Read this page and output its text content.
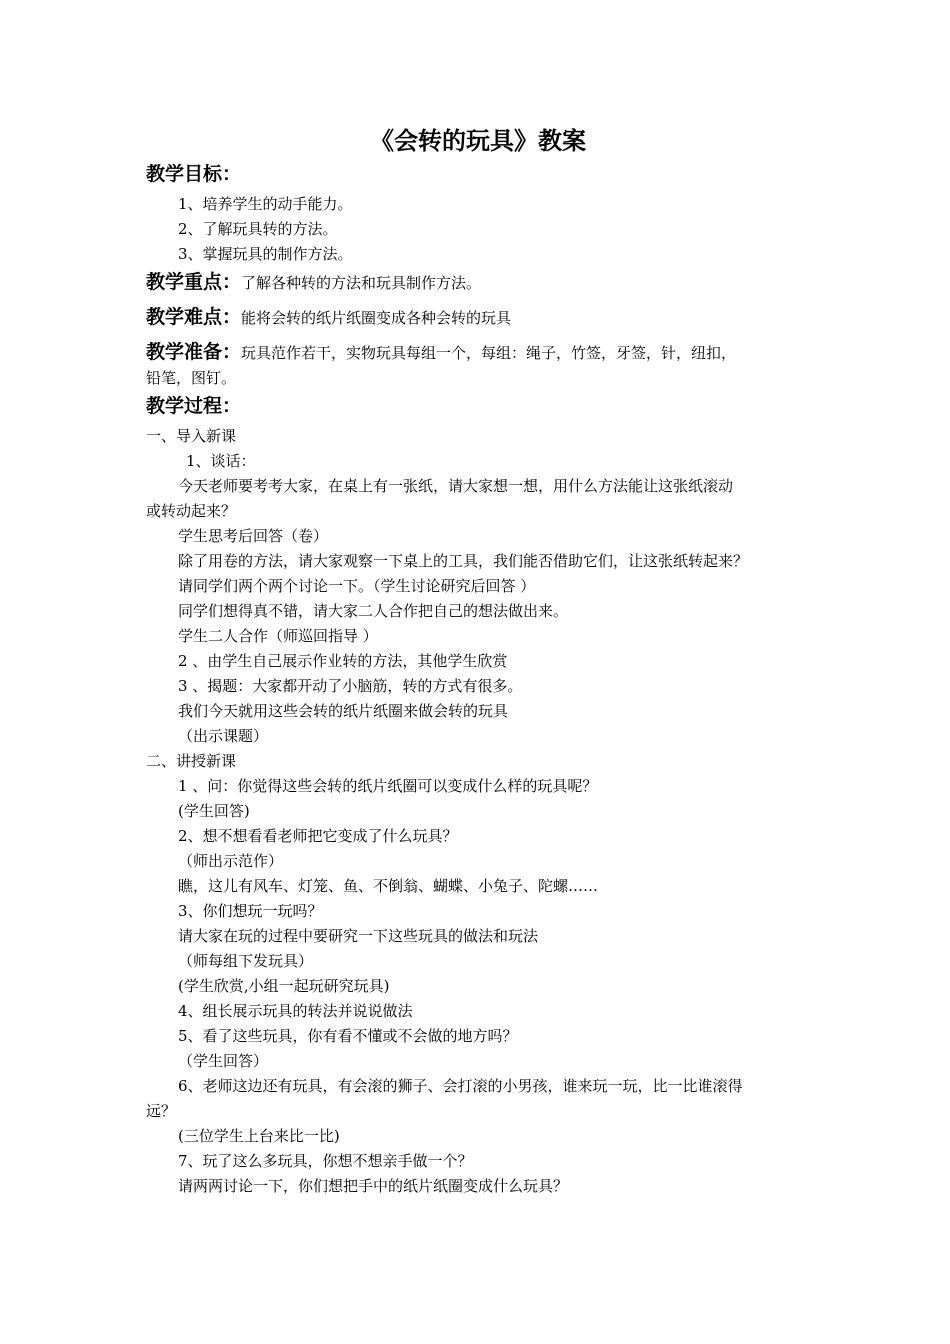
《会转的玩具》教案
教学目标：
1、培养学生的动手能力。
2、了解玩具转的方法。
3、掌握玩具的制作方法。
教学重点：了解各种转的方法和玩具制作方法。
教学难点：能将会转的纸片纸圈变成各种会转的玩具
教学准备：玩具范作若干，实物玩具每组一个，每组：绳子，竹签，牙签，针，纽扣，
铅笔，图钉。
教学过程：
一、导入新课
1、谈话：
今天老师要考考大家，在桌上有一张纸，请大家想一想，用什么方法能让这张纸滚动
或转动起来？
学生思考后回答（卷）
除了用卷的方法，请大家观察一下桌上的工具，我们能否借助它们，让这张纸转起来？
请同学们两个两个讨论一下。（学生讨论研究后回答 ）
同学们想得真不错，请大家二人合作把自己的想法做出来。
学生二人合作（师巡回指导 ）
2 、由学生自己展示作业转的方法，其他学生欣赏
3 、揭题：大家都开动了小脑筋，转的方式有很多。
我们今天就用这些会转的纸片纸圈来做会转的玩具
（出示课题）
二、讲授新课
1 、问：你觉得这些会转的纸片纸圈可以变成什么样的玩具呢？
(学生回答)
2、想不想看看老师把它变成了什么玩具？
（师出示范作）
瞧，这儿有风车、灯笼、鱼、不倒翁、蝴蝶、小兔子、陀螺……
3、你们想玩一玩吗？
请大家在玩的过程中要研究一下这些玩具的做法和玩法
（师每组下发玩具）
(学生欣赏,小组一起玩研究玩具)
4、组长展示玩具的转法并说说做法
5、看了这些玩具，你有看不懂或不会做的地方吗？
（学生回答）
6、老师这边还有玩具，有会滚的狮子、会打滚的小男孩，谁来玩一玩，比一比谁滚得
远？
(三位学生上台来比一比)
7、玩了这么多玩具，你想不想亲手做一个？
请两两讨论一下，你们想把手中的纸片纸圈变成什么玩具？
